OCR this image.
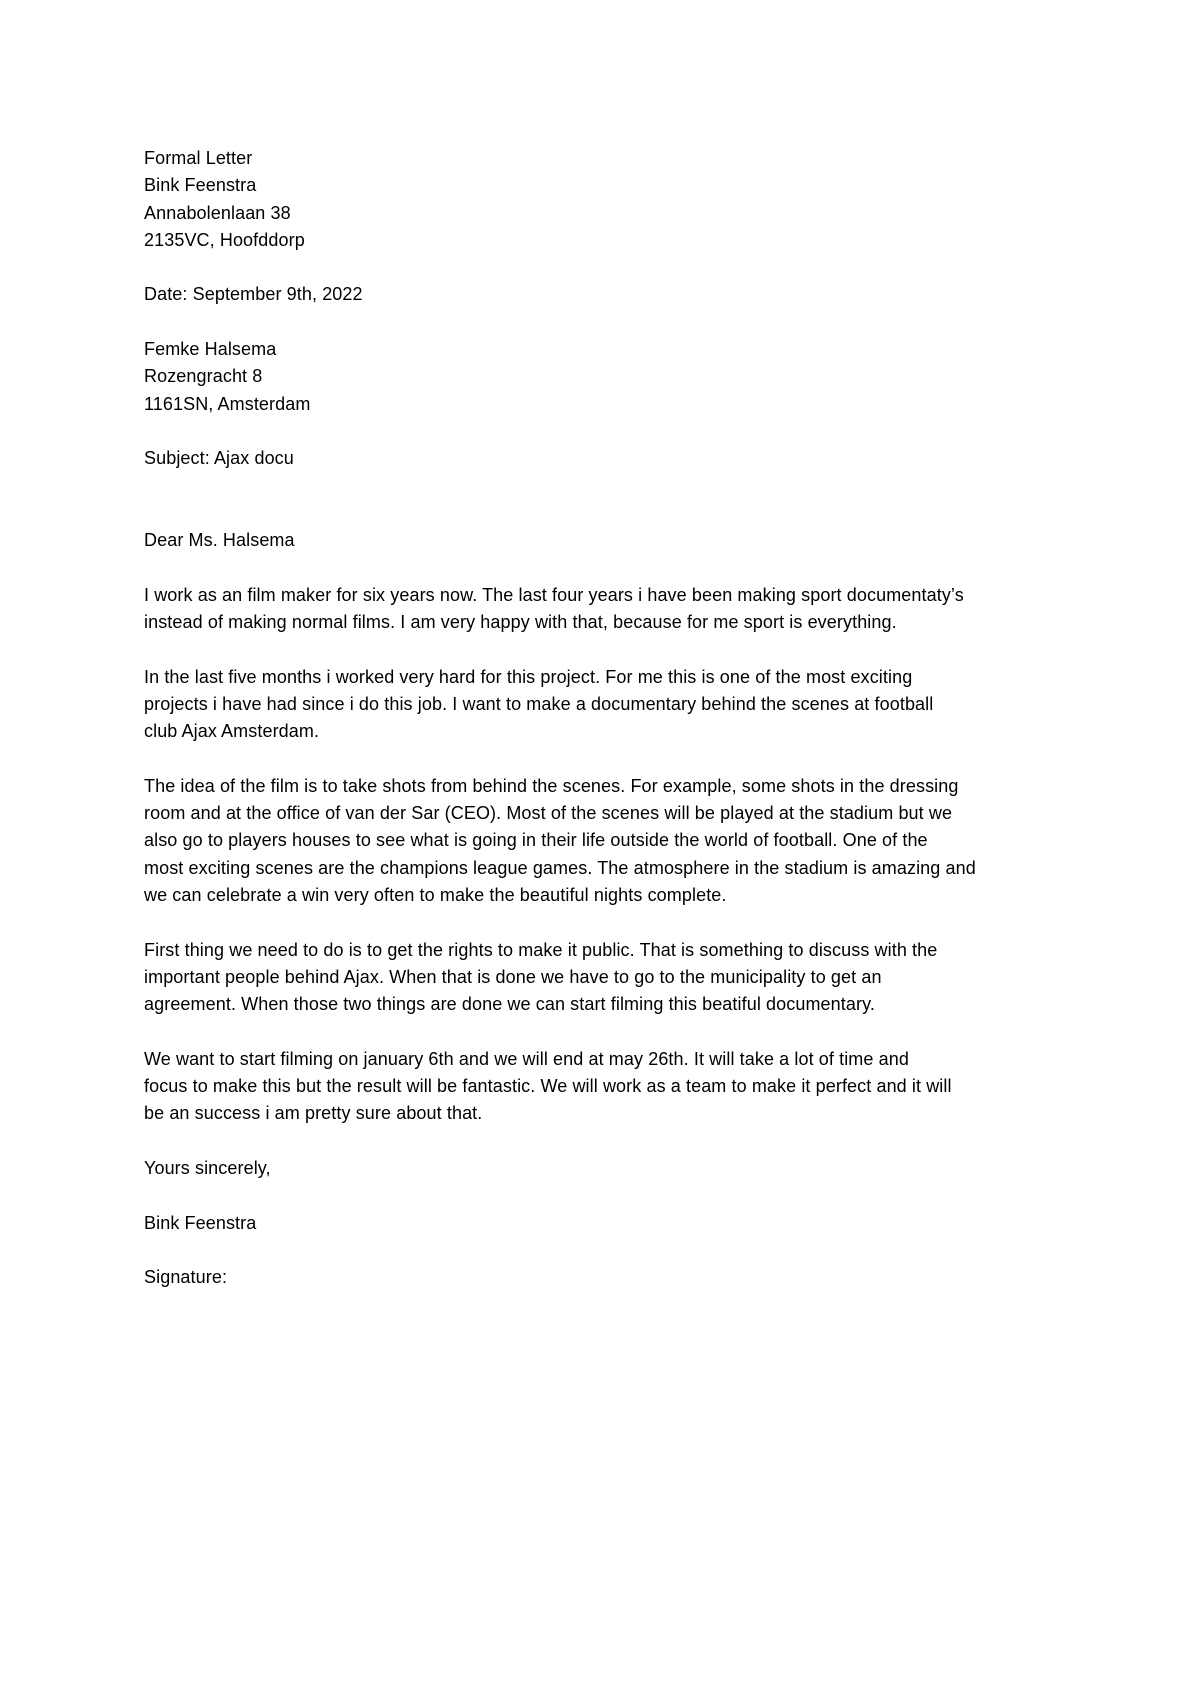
Formal Letter
Bink Feenstra
Annabolenlaan 38
2135VC, Hoofddorp
Date: September 9th, 2022
Femke Halsema
Rozengracht 8
1161SN, Amsterdam
Subject: Ajax docu
Dear Ms. Halsema
I work as an film maker for six years now. The last four years i have been making sport documentaty’s
instead of making normal films. I am very happy with that, because for me sport is everything.
In the last five months i worked very hard for this project. For me this is one of the most exciting
projects i have had since i do this job. I want to make a documentary behind the scenes at football
club Ajax Amsterdam.
The idea of the film is to take shots from behind the scenes. For example, some shots in the dressing
room and at the office of van der Sar (CEO). Most of the scenes will be played at the stadium but we
also go to players houses to see what is going in their life outside the world of football. One of the
most exciting scenes are the champions league games. The atmosphere in the stadium is amazing and
we can celebrate a win very often to make the beautiful nights complete.
First thing we need to do is to get the rights to make it public. That is something to discuss with the
important people behind Ajax. When that is done we have to go to the municipality to get an
agreement. When those two things are done we can start filming this beatiful documentary.
We want to start filming on january 6th and we will end at may 26th. It will take a lot of time and
focus to make this but the result will be fantastic. We will work as a team to make it perfect and it will
be an success i am pretty sure about that.
Yours sincerely,
Bink Feenstra
Signature:
